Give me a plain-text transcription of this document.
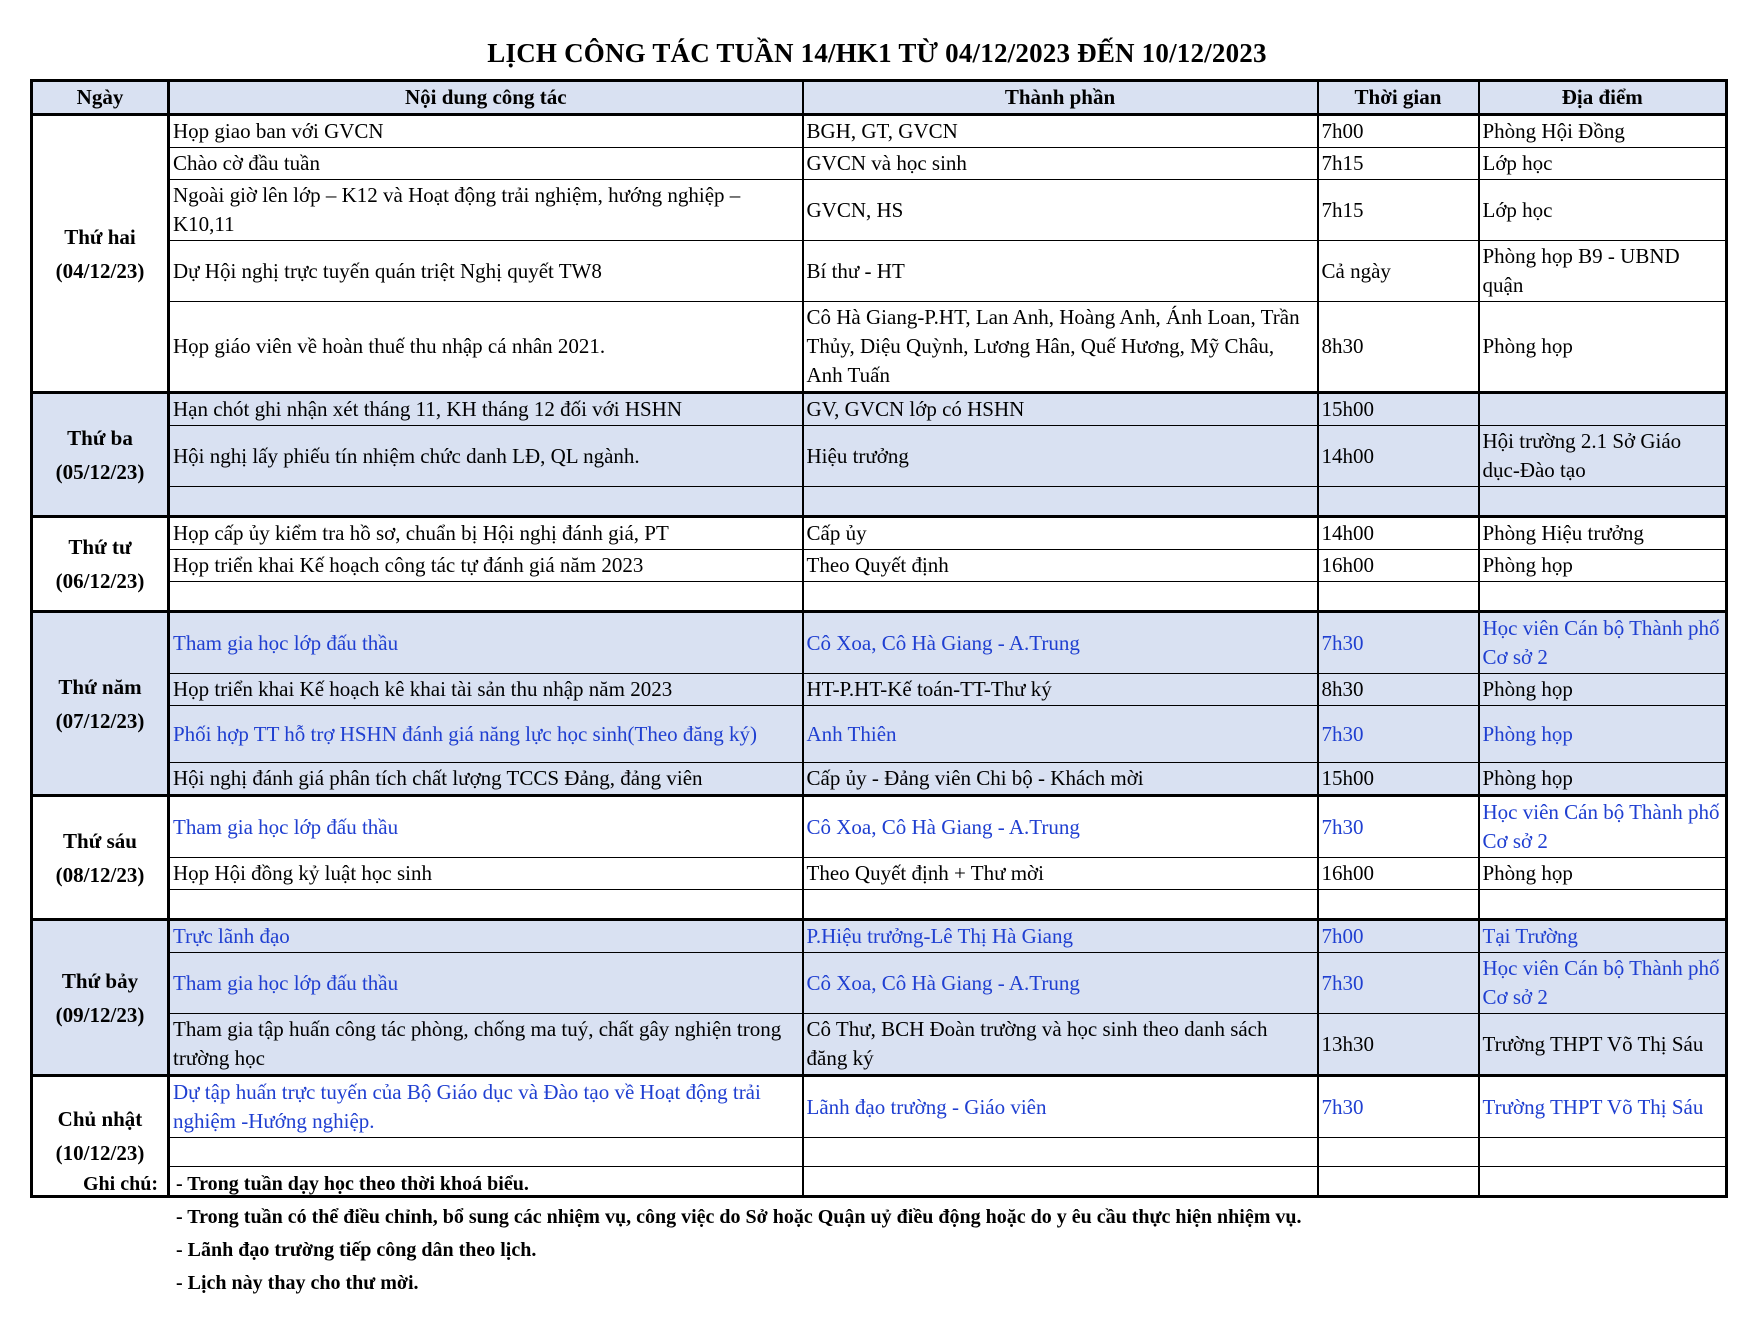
LỊCH CÔNG TÁC TUẦN 14/HK1 TỪ 04/12/2023 ĐẾN 10/12/2023
Ngày	Nội dung công tác	Thành phần	Thời gian	Địa điểm

Thứ hai
(04/12/23)	Họp giao ban với GVCN	BGH, GT, GVCN	7h00	Phòng Hội Đồng
	Chào cờ đầu tuần	GVCN và học sinh	7h15	Lớp học
	Ngoài giờ lên lớp – K12 và Hoạt động trải nghiệm, hướng nghiệp – K10,11	GVCN, HS	7h15	Lớp học
	Dự Hội nghị trực tuyến quán triệt Nghị quyết TW8	Bí thư - HT	Cả ngày	Phòng họp B9 - UBND quận
	Họp giáo viên về hoàn thuế thu nhập cá nhân 2021.	Cô Hà Giang-P.HT, Lan Anh, Hoàng Anh, Ánh Loan, Trần Thủy, Diệu Quỳnh, Lương Hân, Quế Hương, Mỹ Châu, Anh Tuấn	8h30	Phòng họp

Thứ ba
(05/12/23)	Hạn chót ghi nhận xét tháng 11, KH tháng 12 đối với HSHN	GV, GVCN lớp có HSHN	15h00	
	Hội nghị lấy phiếu tín nhiệm chức danh LĐ, QL ngành.	Hiệu trưởng	14h00	Hội trường 2.1 Sở Giáo dục-Đào tạo

Thứ tư
(06/12/23)	Họp cấp ủy kiểm tra hồ sơ, chuẩn bị Hội nghị đánh giá, PT	Cấp ủy	14h00	Phòng Hiệu trưởng
	Họp triển khai Kế hoạch công tác tự đánh giá năm 2023	Theo Quyết định	16h00	Phòng họp

Thứ năm
(07/12/23)	Tham gia học lớp đấu thầu	Cô Xoa, Cô Hà Giang - A.Trung	7h30	Học viên Cán bộ Thành phố Cơ sở 2
	Họp triển khai Kế hoạch kê khai tài sản thu nhập năm 2023	HT-P.HT-Kế toán-TT-Thư ký	8h30	Phòng họp
	Phối hợp TT hỗ trợ HSHN đánh giá năng lực học sinh(Theo đăng ký)	Anh Thiên	7h30	Phòng họp
	Hội nghị đánh giá phân tích chất lượng TCCS Đảng, đảng viên	Cấp ủy - Đảng viên Chi bộ - Khách mời	15h00	Phòng họp

Thứ sáu
(08/12/23)	Tham gia học lớp đấu thầu	Cô Xoa, Cô Hà Giang - A.Trung	7h30	Học viên Cán bộ Thành phố Cơ sở 2
	Họp Hội đồng kỷ luật học sinh	Theo Quyết định + Thư mời	16h00	Phòng họp

Thứ bảy
(09/12/23)	Trực lãnh đạo	P.Hiệu trưởng-Lê Thị Hà Giang	7h00	Tại Trường
	Tham gia học lớp đấu thầu	Cô Xoa, Cô Hà Giang - A.Trung	7h30	Học viên Cán bộ Thành phố Cơ sở 2
	Tham gia tập huấn công tác phòng, chống ma tuý, chất gây nghiện trong trường học	Cô Thư, BCH Đoàn trường và học sinh theo danh sách đăng ký	13h30	Trường THPT Võ Thị Sáu

Chủ nhật
(10/12/23)	Dự tập huấn trực tuyến của Bộ Giáo dục và Đào tạo về Hoạt động trải nghiệm -Hướng nghiệp.	Lãnh đạo trường - Giáo viên	7h30	Trường THPT Võ Thị Sáu

Ghi chú: - Trong tuần dạy học theo thời khoá biểu.
- Trong tuần có thể điều chỉnh, bổ sung các nhiệm vụ, công việc do Sở hoặc Quận uỷ điều động hoặc do y êu cầu thực hiện nhiệm vụ.
- Lãnh đạo trường tiếp công dân theo lịch.
- Lịch này thay cho thư mời.
